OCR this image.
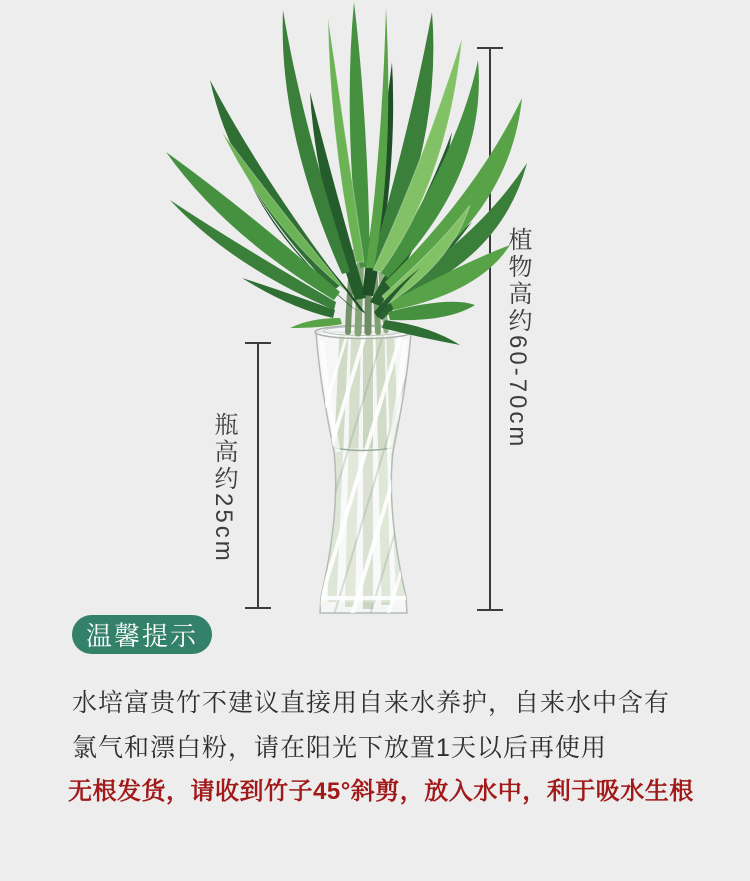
植物高约60-70cm
瓶高约25cm
温馨提示
水培富贵竹不建议直接用自来水养护，自来水中含有
氯气和漂白粉，请在阳光下放置1天以后再使用
无根发货，请收到竹子45°斜剪，放入水中，利于吸水生根
